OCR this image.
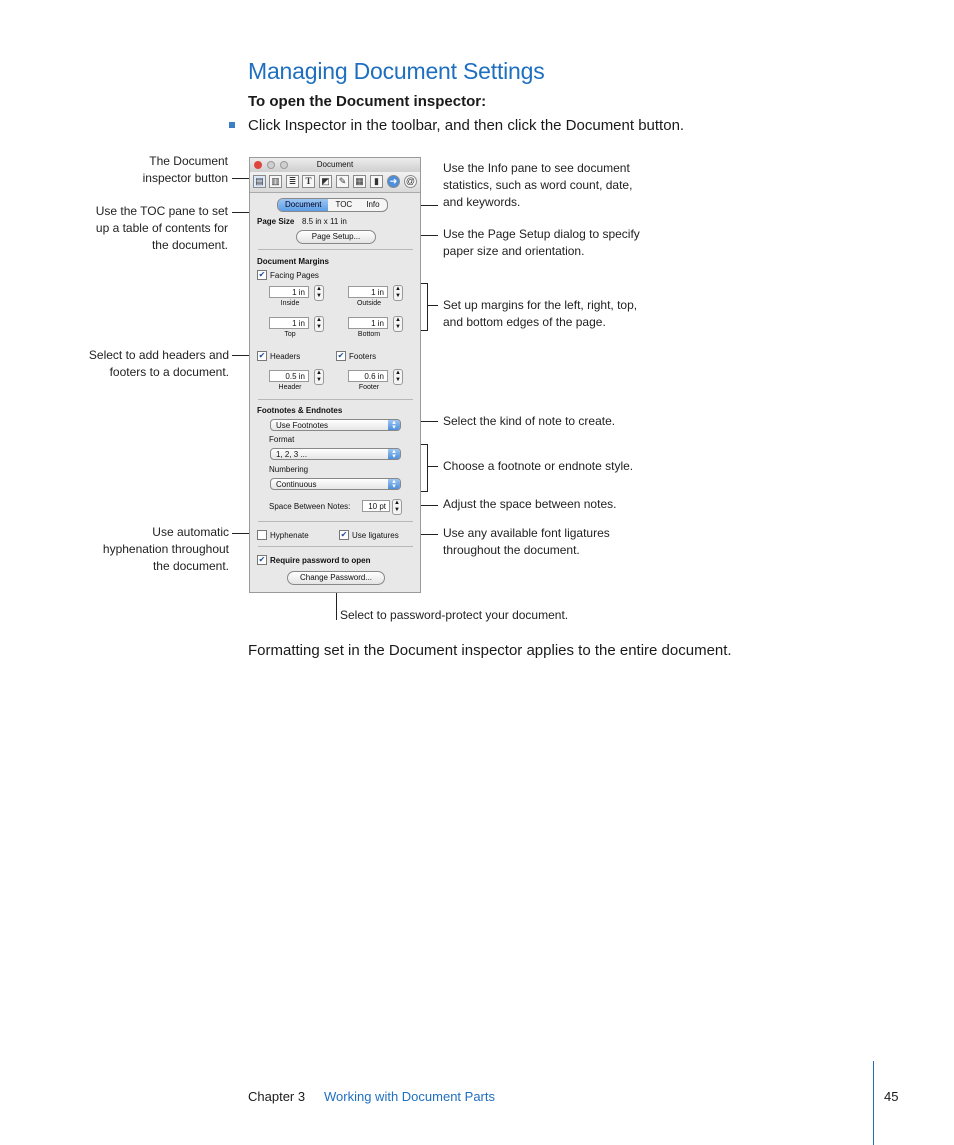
Managing Document Settings
To open the Document inspector:
Click Inspector in the toolbar, and then click the Document button.
The Document inspector button
Use the TOC pane to set up a table of contents for the document.
Select to add headers and footers to a document.
Use automatic hyphenation throughout the document.
Use the Info pane to see document statistics, such as word count, date, and keywords.
Use the Page Setup dialog to specify paper size and orientation.
Set up margins for the left, right, top, and bottom edges of the page.
Select the kind of note to create.
Choose a footnote or endnote style.
Adjust the space between notes.
Use any available font ligatures throughout the document.
Select to password-protect your document.
Document
▤ ▥ ≣	T	◩ ✎ ▦	▮	➜ @
Document	TOC	Info
Page Size 8.5 in x 11 in
Page Setup...
Document Margins
✔ Facing Pages
1 in	▲
▼
Inside
1 in	▲
▼
Outside
1 in	▲
▼
Top
1 in	▲
▼
Bottom
✔ Headers	✔ Footers
0.5 in	▲
▼
Header
0.6 in	▲
▼
Footer
Footnotes & Endnotes
Use Footnotes	▴
▾
Format
1, 2, 3 ...	▴
▾
Numbering
Continuous	▴
▾
Space Between Notes:	10 pt	▲
▼
Hyphenate	✔ Use ligatures
✔ Require password to open
Change Password...
Formatting set in the Document inspector applies to the entire document.
Chapter 3 Working with Document Parts	45
